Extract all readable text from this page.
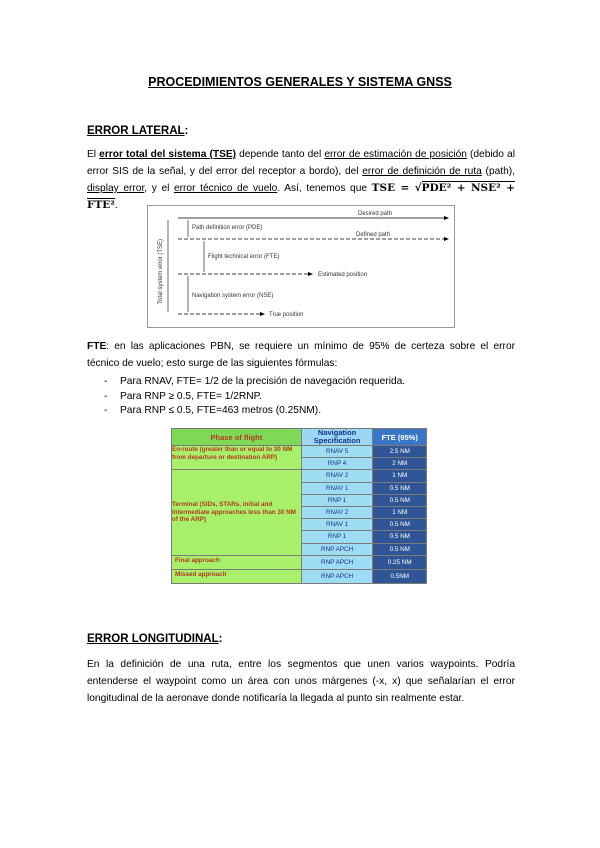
PROCEDIMIENTOS GENERALES Y SISTEMA GNSS
ERROR LATERAL:
El error total del sistema (TSE) depende tanto del error de estimación de posición (debido al error SIS de la señal, y del error del receptor a bordo), del error de definición de ruta (path), display error, y el error técnico de vuelo. Así, tenemos que TSE = √PDE² + NSE² + FTE².
Desired path
Defined path
Path definition error (PDE)
Flight technical error (FTE)
Estimated position
Navigation system error (NSE)
True position
Total system error (TSE)
FTE: en las aplicaciones PBN, se requiere un mínimo de 95% de certeza sobre el error técnico de vuelo; esto surge de las siguientes fórmulas:
- Para RNAV, FTE= 1/2 de la precisión de navegación requerida.
- Para RNP ≥ 0.5, FTE= 1/2RNP.
- Para RNP ≤ 0.5, FTE=463 metros (0.25NM).
Phase of flight	Navigation Specification	FTE (95%)
En-route (greater than or equal to 30 NM from departure or destination ARP)	RNAV 5	2.5 NM
	RNP 4	2 NM
Terminal (SIDs, STARs, initial and intermediate approaches less than 30 NM of the ARP)	RNAV 2	1 NM
	RNAV 1	0.5 NM
	RNP 1	0.5 NM
	RNAV 2	1 NM
	RNAV 1	0.5 NM
	RNP 1	0.5 NM
	RNP APCH	0.5 NM
Final approach	RNP APCH	0.25 NM
Missed approach	RNP APCH	0.5NM
ERROR LONGITUDINAL:
En la definición de una ruta, entre los segmentos que unen varios waypoints. Podría entenderse el waypoint como un área con unos márgenes (-x, x) que señalarían el error longitudinal de la aeronave donde notificaría la llegada al punto sin realmente estar.
